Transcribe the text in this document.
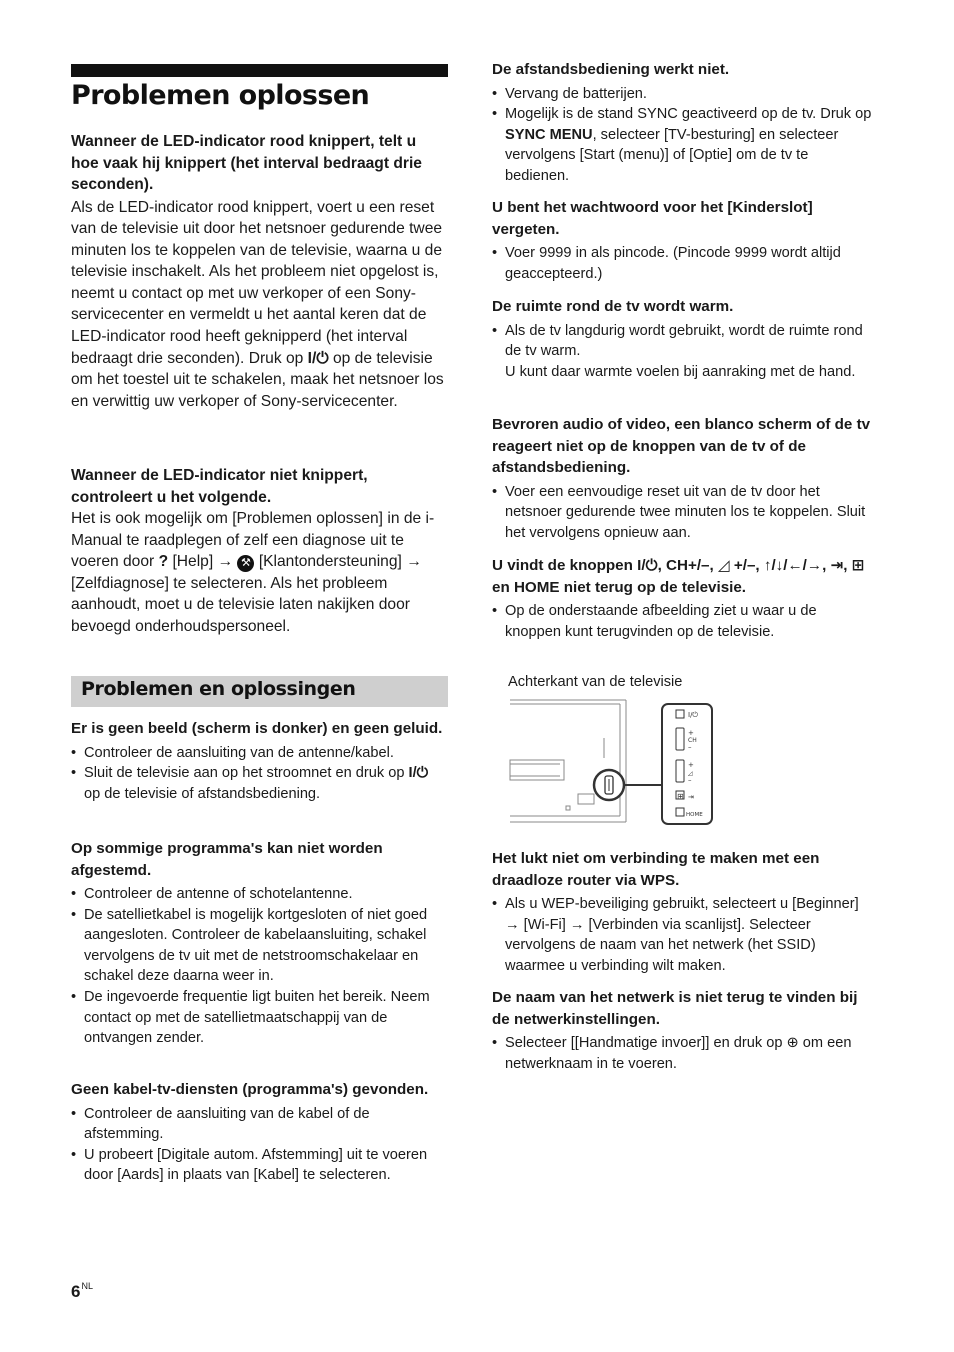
Problemen oplossen

Wanneer de LED-indicator rood knippert, telt u hoe vaak hij knippert (het interval bedraagt drie seconden).

Als de LED-indicator rood knippert, voert u een reset van de televisie uit door het netsnoer gedurende twee minuten los te koppelen van de televisie, waarna u de televisie inschakelt. Als het probleem niet opgelost is, neemt u contact op met uw verkoper of een Sony-servicecenter en vermeldt u het aantal keren dat de LED-indicator rood heeft geknipperd (het interval bedraagt drie seconden). Druk op I/⏻ op de televisie om het toestel uit te schakelen, maak het netsnoer los en verwittig uw verkoper of Sony-servicecenter.

Wanneer de LED-indicator niet knippert, controleert u het volgende.

Het is ook mogelijk om [Problemen oplossen] in de i-Manual te raadplegen of zelf een diagnose uit te voeren door ? [Help] → ⚒ [Klantondersteuning] → [Zelfdiagnose] te selecteren. Als het probleem aanhoudt, moet u de televisie laten nakijken door bevoegd onderhoudspersoneel.

Problemen en oplossingen

Er is geen beeld (scherm is donker) en geen geluid.

• Controleer de aansluiting van de antenne/kabel.
• Sluit de televisie aan op het stroomnet en druk op I/⏻ op de televisie of afstandsbediening.

Op sommige programma's kan niet worden afgestemd.

• Controleer de antenne of schotelantenne.
• De satellietkabel is mogelijk kortgesloten of niet goed aangesloten. Controleer de kabelaansluiting, schakel vervolgens de tv uit met de netstroomschakelaar en schakel deze daarna weer in.
• De ingevoerde frequentie ligt buiten het bereik. Neem contact op met de satellietmaatschappij van de ontvangen zender.

Geen kabel-tv-diensten (programma's) gevonden.

• Controleer de aansluiting van de kabel of de afstemming.
• U probeert [Digitale autom. Afstemming] uit te voeren door [Aards] in plaats van [Kabel] te selecteren.

De afstandsbediening werkt niet.

• Vervang de batterijen.
• Mogelijk is de stand SYNC geactiveerd op de tv. Druk op SYNC MENU, selecteer [TV-besturing] en selecteer vervolgens [Start (menu)] of [Optie] om de tv te bedienen.

U bent het wachtwoord voor het [Kinderslot] vergeten.

• Voer 9999 in als pincode. (Pincode 9999 wordt altijd geaccepteerd.)

De ruimte rond de tv wordt warm.

• Als de tv langdurig wordt gebruikt, wordt de ruimte rond de tv warm.
U kunt daar warmte voelen bij aanraking met de hand.

Bevroren audio of video, een blanco scherm of de tv reageert niet op de knoppen van de tv of de afstandsbediening.

• Voer een eenvoudige reset uit van de tv door het netsnoer gedurende twee minuten los te koppelen. Sluit het vervolgens opnieuw aan.

U vindt de knoppen I/⏻, CH+/–, ◿ +/–, ↑/↓/←/→, ⇥, ⊞ en HOME niet terug op de televisie.

• Op de onderstaande afbeelding ziet u waar u de knoppen kunt terugvinden op de televisie.
Achterkant van de televisie
I/⏻
+
CH
–
+
◿
–
⊞ ⇥
HOME

Het lukt niet om verbinding te maken met een draadloze router via WPS.

• Als u WEP-beveiliging gebruikt, selecteert u [Beginner] → [Wi-Fi] → [Verbinden via scanlijst]. Selecteer vervolgens de naam van het netwerk (het SSID) waarmee u verbinding wilt maken.

De naam van het netwerk is niet terug te vinden bij de netwerkinstellingen.

• Selecteer [[Handmatige invoer]] en druk op ⊕ om een netwerknaam in te voeren.
$6^{NL}$
